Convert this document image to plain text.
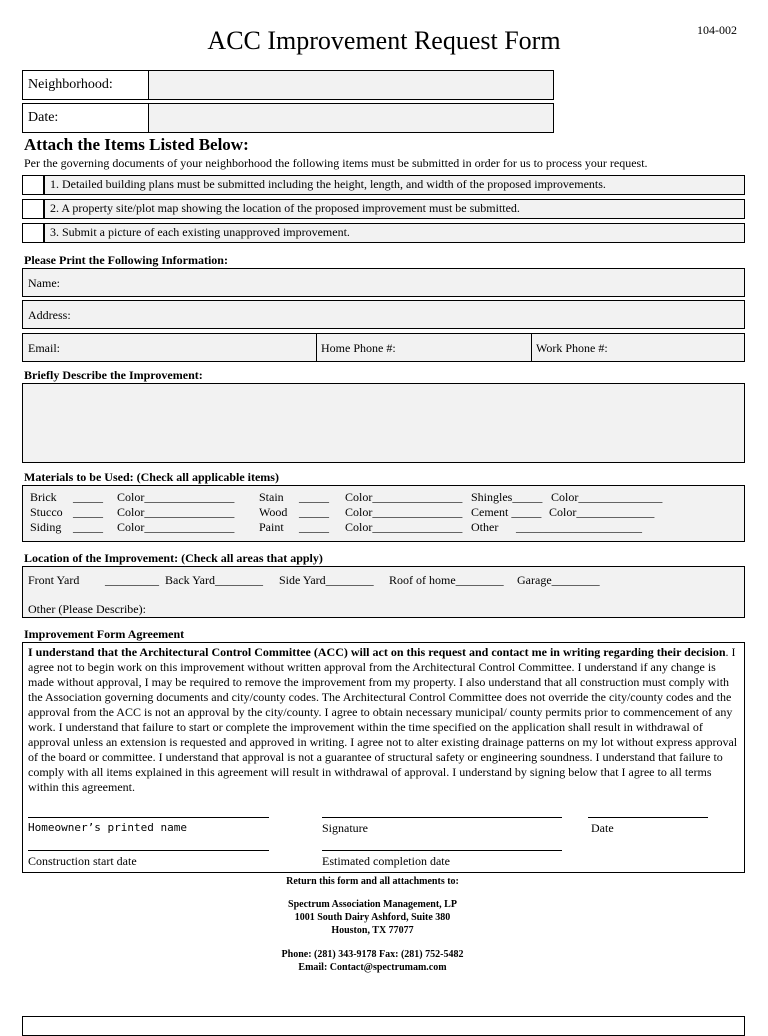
104-002
ACC Improvement Request Form
Neighborhood:
Date:
Attach the Items Listed Below:
Per the governing documents of your neighborhood the following items must be submitted in order for us to process your request.
1. Detailed building plans must be submitted including the height, length, and width of the proposed improvements.
2. A property site/plot map showing the location of the proposed improvement must be submitted.
3. Submit a picture of each existing unapproved improvement.
Please Print the Following Information:
Name:
Address:
Email:	Home Phone #:	Work Phone #:
Briefly Describe the Improvement:
Materials to be Used: (Check all applicable items)
Brick _____ Color_______________ Stain _____ Color_______________ Shingles_____ Color______________
Stucco _____ Color_______________ Wood _____ Color_______________ Cement _____ Color_____________
Siding _____ Color_______________ Paint _____ Color_______________ Other _____________________
Location of the Improvement: (Check all areas that apply)
Front Yard _________ Back Yard________ Side Yard________ Roof of home________ Garage________
Other (Please Describe):
Improvement Form Agreement
I understand that the Architectural Control Committee (ACC) will act on this request and contact me in writing regarding their decision. I agree not to begin work on this improvement without written approval from the Architectural Control Committee. I understand if any change is made without approval, I may be required to remove the improvement from my property. I also understand that all construction must comply with the Association governing documents and city/county codes. The Architectural Control Committee does not override the city/county codes and the approval from the ACC is not an approval by the city/county. I agree to obtain necessary municipal/ county permits prior to commencement of any work. I understand that failure to start or complete the improvement within the time specified on the application shall result in withdrawal of approval unless an extension is requested and approved in writing. I agree not to alter existing drainage patterns on my lot without express approval of the board or committee. I understand that approval is not a guarantee of structural safety or engineering soundness. I understand that failure to comply with all items explained in this agreement will result in withdrawal of approval. I understand by signing below that I agree to all terms within this agreement.
Homeowner’s printed name	Signature	Date
Construction start date	Estimated completion date
Return this form and all attachments to:
Spectrum Association Management, LP
1001 South Dairy Ashford, Suite 380
Houston, TX 77077
Phone: (281) 343-9178 Fax: (281) 752-5482
Email: Contact@spectrumam.com
